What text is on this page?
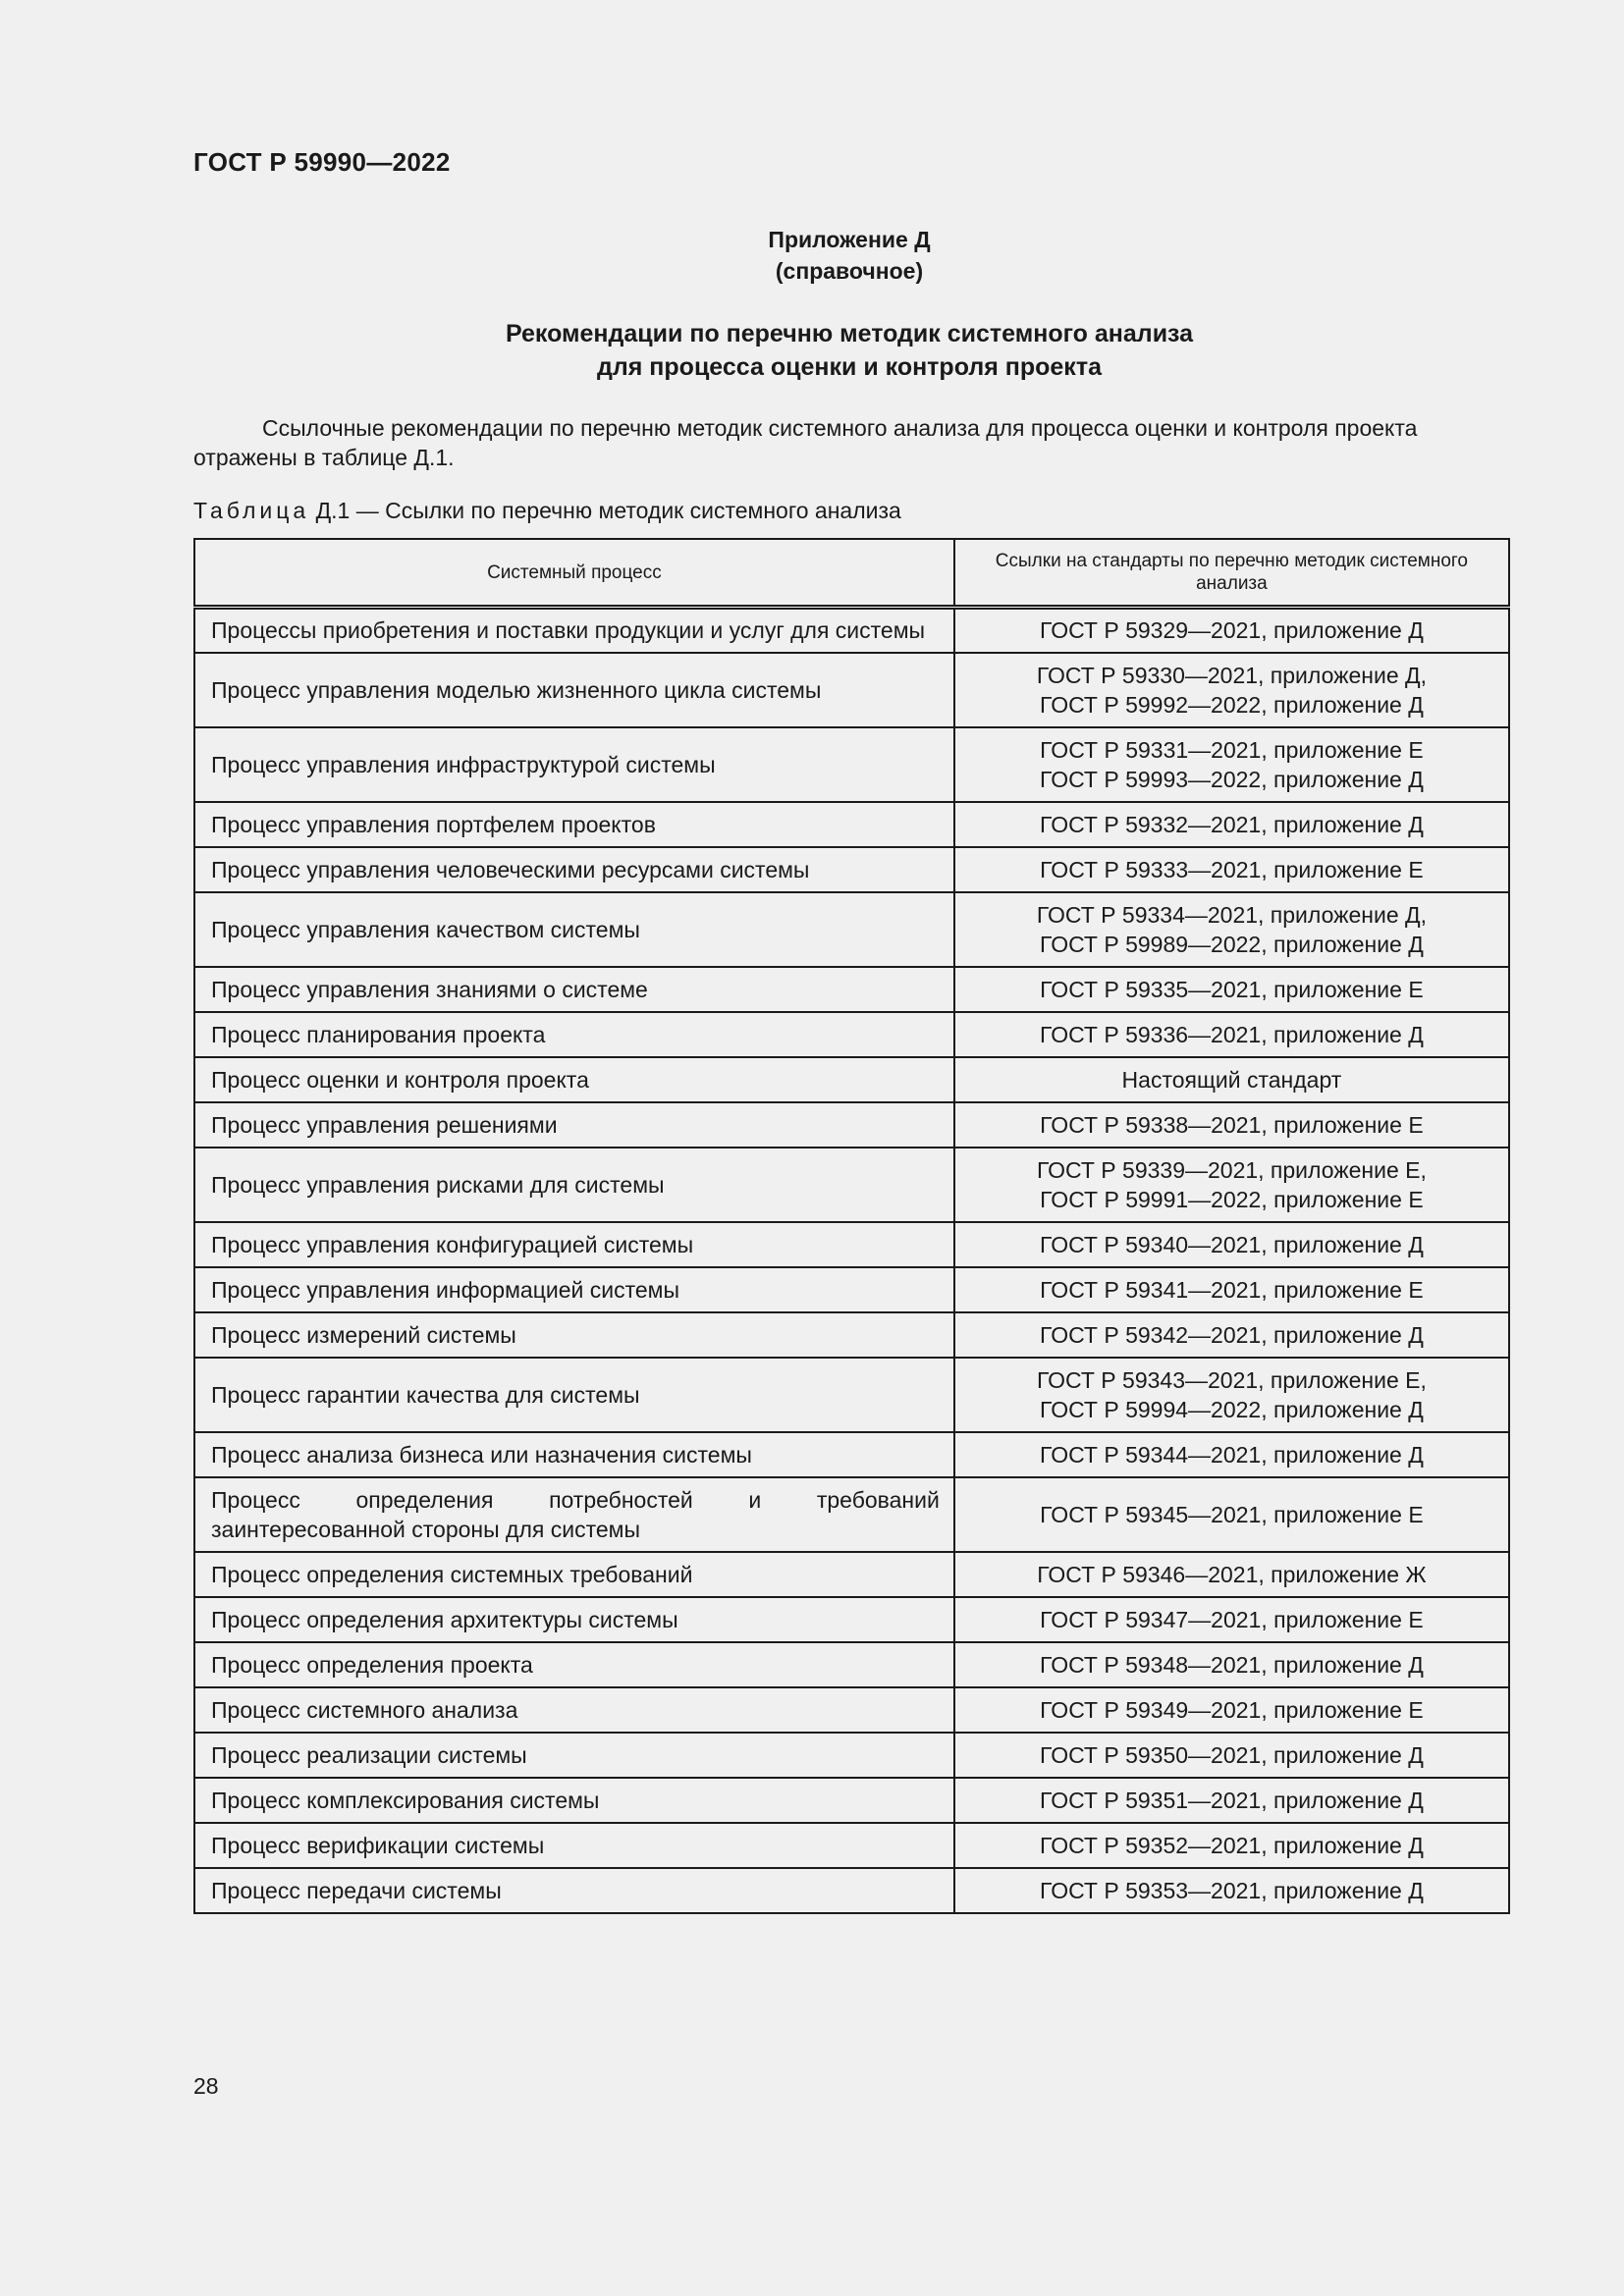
ГОСТ Р 59990—2022
Приложение Д
(справочное)
Рекомендации по перечню методик системного анализа
для процесса оценки и контроля проекта
Ссылочные рекомендации по перечню методик системного анализа для процесса оценки и контроля проекта отражены в таблице Д.1.
Таблица Д.1 — Ссылки по перечню методик системного анализа
Системный процесс	Ссылки на стандарты по перечню методик системного анализа
Процессы приобретения и поставки продукции и услуг для системы	ГОСТ Р 59329—2021, приложение Д

Процесс управления моделью жизненного цикла системы	ГОСТ Р 59330—2021, приложение Д,
ГОСТ Р 59992—2022, приложение Д

Процесс управления инфраструктурой системы	ГОСТ Р 59331—2021, приложение Е
ГОСТ Р 59993—2022, приложение Д

Процесс управления портфелем проектов	ГОСТ Р 59332—2021, приложение Д

Процесс управления человеческими ресурсами системы	ГОСТ Р 59333—2021, приложение Е

Процесс управления качеством системы	ГОСТ Р 59334—2021, приложение Д,
ГОСТ Р 59989—2022, приложение Д

Процесс управления знаниями о системе	ГОСТ Р 59335—2021, приложение Е

Процесс планирования проекта	ГОСТ Р 59336—2021, приложение Д

Процесс оценки и контроля проекта	Настоящий стандарт

Процесс управления решениями	ГОСТ Р 59338—2021, приложение Е

Процесс управления рисками для системы	ГОСТ Р 59339—2021, приложение Е,
ГОСТ Р 59991—2022, приложение Е

Процесс управления конфигурацией системы	ГОСТ Р 59340—2021, приложение Д

Процесс управления информацией системы	ГОСТ Р 59341—2021, приложение Е

Процесс измерений системы	ГОСТ Р 59342—2021, приложение Д

Процесс гарантии качества для системы	ГОСТ Р 59343—2021, приложение Е,
ГОСТ Р 59994—2022, приложение Д

Процесс анализа бизнеса или назначения системы	ГОСТ Р 59344—2021, приложение Д

Процесс определения потребностей и требований заинтересованной стороны для системы	ГОСТ Р 59345—2021, приложение Е

Процесс определения системных требований	ГОСТ Р 59346—2021, приложение Ж

Процесс определения архитектуры системы	ГОСТ Р 59347—2021, приложение Е

Процесс определения проекта	ГОСТ Р 59348—2021, приложение Д

Процесс системного анализа	ГОСТ Р 59349—2021, приложение Е

Процесс реализации системы	ГОСТ Р 59350—2021, приложение Д

Процесс комплексирования системы	ГОСТ Р 59351—2021, приложение Д

Процесс верификации системы	ГОСТ Р 59352—2021, приложение Д

Процесс передачи системы	ГОСТ Р 59353—2021, приложение Д
28
